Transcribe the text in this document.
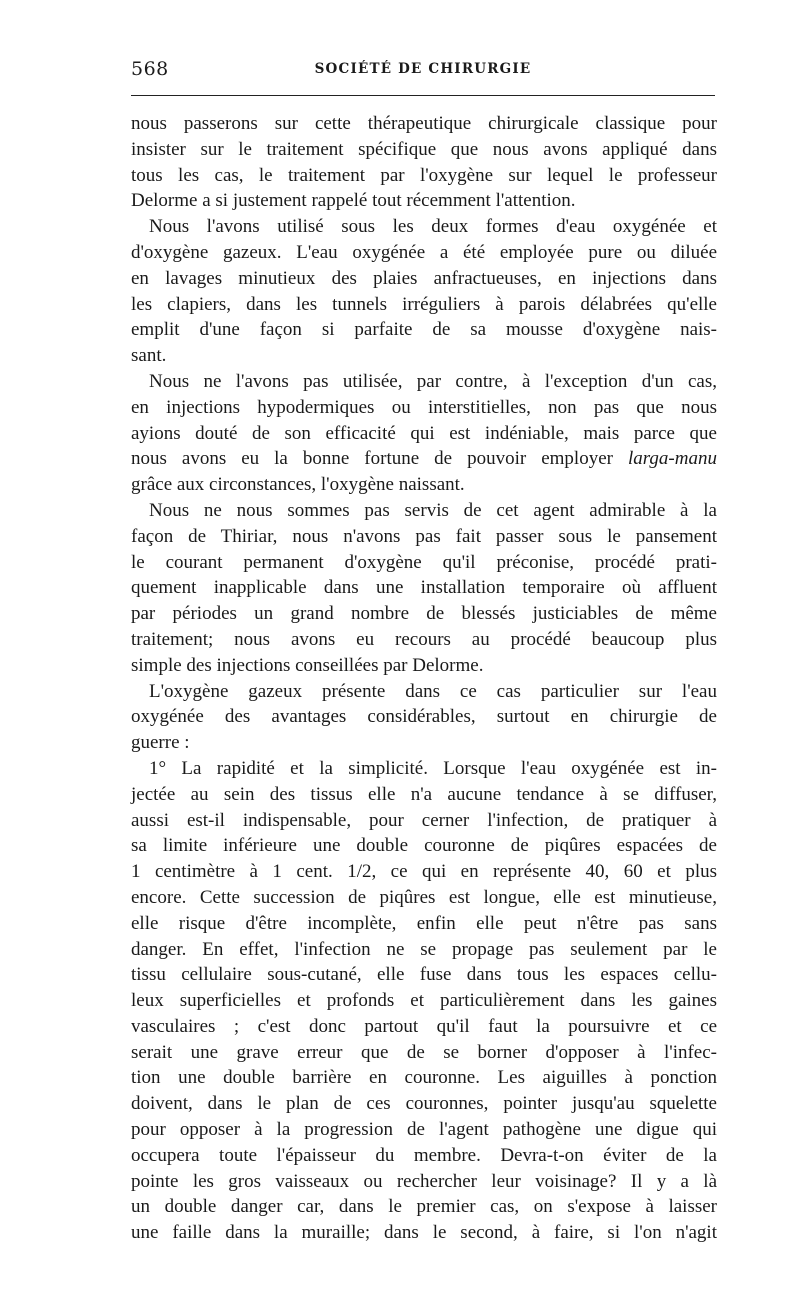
568	SOCIÉTÉ DE CHIRURGIE
nous passerons sur cette thérapeutique chirurgicale classique pour
insister sur le traitement spécifique que nous avons appliqué dans
tous les cas, le traitement par l'oxygène sur lequel le professeur
Delorme a si justement rappelé tout récemment l'attention.
Nous l'avons utilisé sous les deux formes d'eau oxygénée et
d'oxygène gazeux. L'eau oxygénée a été employée pure ou diluée
en lavages minutieux des plaies anfractueuses, en injections dans
les clapiers, dans les tunnels irréguliers à parois délabrées qu'elle
emplit d'une façon si parfaite de sa mousse d'oxygène nais-
sant.
Nous ne l'avons pas utilisée, par contre, à l'exception d'un cas,
en injections hypodermiques ou interstitielles, non pas que nous
ayions douté de son efficacité qui est indéniable, mais parce que
nous avons eu la bonne fortune de pouvoir employer larga-manu
grâce aux circonstances, l'oxygène naissant.
Nous ne nous sommes pas servis de cet agent admirable à la
façon de Thiriar, nous n'avons pas fait passer sous le pansement
le courant permanent d'oxygène qu'il préconise, procédé prati-
quement inapplicable dans une installation temporaire où affluent
par périodes un grand nombre de blessés justiciables de même
traitement; nous avons eu recours au procédé beaucoup plus
simple des injections conseillées par Delorme.
L'oxygène gazeux présente dans ce cas particulier sur l'eau
oxygénée des avantages considérables, surtout en chirurgie de
guerre :
1° La rapidité et la simplicité. Lorsque l'eau oxygénée est in-
jectée au sein des tissus elle n'a aucune tendance à se diffuser,
aussi est-il indispensable, pour cerner l'infection, de pratiquer à
sa limite inférieure une double couronne de piqûres espacées de
1 centimètre à 1 cent. 1/2, ce qui en représente 40, 60 et plus
encore. Cette succession de piqûres est longue, elle est minutieuse,
elle risque d'être incomplète, enfin elle peut n'être pas sans
danger. En effet, l'infection ne se propage pas seulement par le
tissu cellulaire sous-cutané, elle fuse dans tous les espaces cellu-
leux superficielles et profonds et particulièrement dans les gaines
vasculaires ; c'est donc partout qu'il faut la poursuivre et ce
serait une grave erreur que de se borner d'opposer à l'infec-
tion une double barrière en couronne. Les aiguilles à ponction
doivent, dans le plan de ces couronnes, pointer jusqu'au squelette
pour opposer à la progression de l'agent pathogène une digue qui
occupera toute l'épaisseur du membre. Devra-t-on éviter de la
pointe les gros vaisseaux ou rechercher leur voisinage? Il y a là
un double danger car, dans le premier cas, on s'expose à laisser
une faille dans la muraille; dans le second, à faire, si l'on n'agit
